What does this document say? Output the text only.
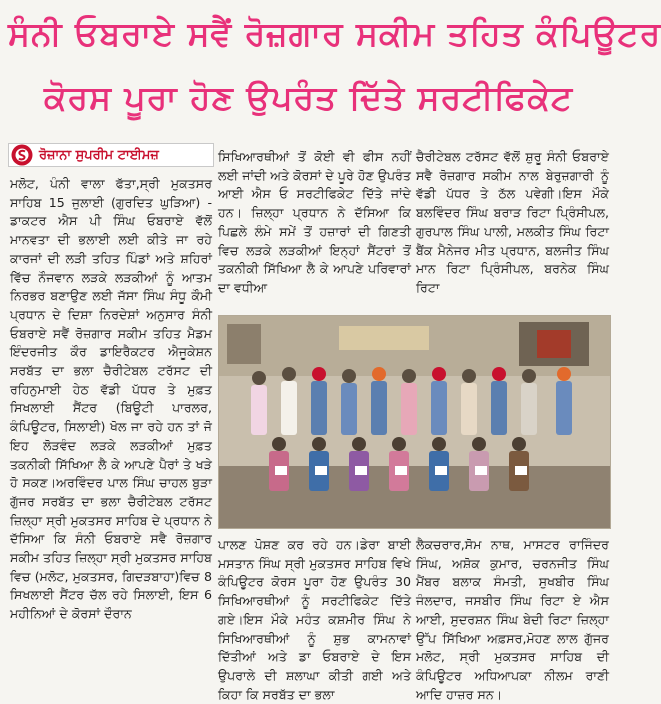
ਸੰਨੀ ਓਬਰਾਏ ਸਵੈਂ ਰੋਜ਼ਗਾਰ ਸਕੀਮ ਤਹਿਤ ਕੰਪਿਊਟਰ
ਕੋਰਸ ਪੂਰਾ ਹੋਣ ਉਪਰੰਤ ਦਿੱਤੇ ਸਰਟੀਫਿਕੇਟ
ਰੋਜ਼ਾਨਾ ਸੁਪਰੀਮ ਟਾਈਮਜ਼
ਮਲੋਟ, ਪੰਨੀ ਵਾਲਾ ਫੱਤਾ,ਸ੍ਰੀ ਮੁਕਤਸਰ ਸਾਹਿਬ 15 ਜੁਲਾਈ (ਗੁਰਦਿਤ ਘੁੜਿਆ) - ਡਾਕਟਰ ਐਸ ਪੀ ਸਿੰਘ ਓਬਰਾਏ ਵੱਲੋਂ ਮਾਨਵਤਾ ਦੀ ਭਲਾਈ ਲਈ ਕੀਤੇ ਜਾ ਰਹੇ ਕਾਰਜਾਂ ਦੀ ਲੜੀ ਤਹਿਤ ਪਿੰਡਾਂ ਅਤੇ ਸ਼ਹਿਰਾਂ ਵਿੱਚ ਨੌਜਵਾਨ ਲੜਕੇ ਲੜਕੀਆਂ ਨੂੰ ਆਤਮ ਨਿਰਭਰ ਬਣਾਉਣ ਲਈ ਜੱਸਾ ਸਿੰਘ ਸੰਧੂ ਕੌਮੀ ਪ੍ਰਧਾਨ ਦੇ ਦਿਸ਼ਾ ਨਿਰਦੇਸ਼ਾਂ ਅਨੁਸਾਰ ਸੰਨੀ ਓਬਰਾਏ ਸਵੈਂ ਰੋਜ਼ਗਾਰ ਸਕੀਮ ਤਹਿਤ ਮੈਡਮ ਇੰਦਰਜੀਤ ਕੌਰ ਡਾਇਰੈਕਟਰ ਐਜੂਕੇਸ਼ਨ ਸਰਬੱਤ ਦਾ ਭਲਾ ਚੈਰੀਟੇਬਲ ਟਰੱਸਟ ਦੀ ਰਹਿਨੁਮਾਈ ਹੇਠ ਵੱਡੀ ਪੱਧਰ ਤੇ ਮੁਫ਼ਤ ਸਿਖਲਾਈ ਸੈਂਟਰ (ਬਿਊਟੀ ਪਾਰਲਰ, ਕੰਪਿਊਟਰ, ਸਿਲਾਈ) ਖੋਲ ਜਾ ਰਹੇ ਹਨ ਤਾਂ ਜੋ ਇਹ ਲੋੜਵੰਦ ਲੜਕੇ ਲੜਕੀਆਂ ਮੁਫ਼ਤ ਤਕਨੀਕੀ ਸਿੱਖਿਆ ਲੈ ਕੇ ਆਪਣੇ ਪੈਰਾਂ ਤੇ ਖੜੇ ਹੋ ਸਕਣ।ਅਰਵਿੰਦਰ ਪਾਲ ਸਿੰਘ ਚਾਹਲ ਬੁੜਾ ਗੁੱਜਰ ਸਰਬੱਤ ਦਾ ਭਲਾ ਚੈਰੀਟੇਬਲ ਟਰੱਸਟ ਜ਼ਿਲ੍ਹਾ ਸ੍ਰੀ ਮੁਕਤਸਰ ਸਾਹਿਬ ਦੇ ਪ੍ਰਧਾਨ ਨੇ ਦੱਸਿਆ ਕਿ ਸੰਨੀ ਓਬਰਾਏ ਸਵੈ ਰੋਜ਼ਗਾਰ ਸਕੀਮ ਤਹਿਤ ਜ਼ਿਲ੍ਹਾ ਸ੍ਰੀ ਮੁਕਤਸਰ ਸਾਹਿਬ ਵਿਚ (ਮਲੋਟ, ਮੁਕਤਸਰ, ਗਿਦੜਬਾਹਾ)ਵਿਚ 8 ਸਿਖਲਾਈ ਸੈਂਟਰ ਚੱਲ ਰਹੇ ਸਿਲਾਈ, ਇਸ 6 ਮਹੀਨਿਆਂ ਦੇ ਕੋਰਸਾਂ ਦੌਰਾਨ
ਸਿਖਿਆਰਥੀਆਂ ਤੋਂ ਕੋਈ ਵੀ ਫੀਸ ਨਹੀਂ ਲਈ ਜਾਂਦੀ ਅਤੇ ਕੋਰਸਾਂ ਦੇ ਪੂਰੇ ਹੋਣ ਉਪਰੰਤ ਆਈ ਐਸ ਓ ਸਰਟੀਫਿਕੇਟ ਦਿੱਤੇ ਜਾਂਦੇ ਹਨ। ਜ਼ਿਲ੍ਹਾ ਪ੍ਰਧਾਨ ਨੇ ਦੱਸਿਆ ਕਿ ਪਿਛਲੇ ਲੰਮੇ ਸਮੇਂ ਤੋਂ ਹਜ਼ਾਰਾਂ ਦੀ ਗਿਣਤੀ ਵਿਚ ਲੜਕੇ ਲੜਕੀਆਂ ਇਨ੍ਹਾਂ ਸੈਂਟਰਾਂ ਤੋਂ ਤਕਨੀਕੀ ਸਿੱਖਿਆ ਲੈ ਕੇ ਆਪਣੇ ਪਰਿਵਾਰਾਂ ਦਾ ਵਧੀਆ
ਚੈਰੀਟੇਬਲ ਟਰੱਸਟ ਵੱਲੋਂ ਸ਼ੁਰੂ ਸੰਨੀ ਓਬਰਾਏ ਸਵੈ ਰੋਜ਼ਗਾਰ ਸਕੀਮ ਨਾਲ ਬੇਰੁਜ਼ਗਾਰੀ ਨੂੰ ਵੱਡੀ ਪੱਧਰ ਤੇ ਠੱਲ ਪਵੇਗੀ।ਇਸ ਮੌਕੇ ਬਲਵਿੰਦਰ ਸਿੰਘ ਬਰਾੜ ਰਿਟਾ ਪ੍ਰਿੰਸੀਪਲ, ਗੁਰਪਾਲ ਸਿੰਘ ਪਾਲੀ, ਮਲਕੀਤ ਸਿੰਘ ਰਿਟਾ ਬੈਂਕ ਮੈਨੇਜਰ ਮੀਤ ਪ੍ਰਧਾਨ, ਬਲਜੀਤ ਸਿੰਘ ਮਾਨ ਰਿਟਾ ਪ੍ਰਿੰਸੀਪਲ, ਬਰਨੇਕ ਸਿੰਘ ਰਿਟਾ
ਪਾਲਣ ਪੋਸ਼ਣ ਕਰ ਰਹੇ ਹਨ।ਡੇਰਾ ਬਾਈ ਮਸਤਾਨ ਸਿੰਘ ਸ੍ਰੀ ਮੁਕਤਸਰ ਸਾਹਿਬ ਵਿਖੇ ਕੰਪਿਊਟਰ ਕੋਰਸ ਪੂਰਾ ਹੋਣ ਉਪਰੰਤ 30 ਸਿਖਿਆਰਥੀਆਂ ਨੂੰ ਸਰਟੀਫਿਕੇਟ ਦਿੱਤੇ ਗਏ।ਇਸ ਮੌਕੇ ਮਹੰਤ ਕਸ਼ਮੀਰ ਸਿੰਘ ਨੇ ਸਿਖਿਆਰਥੀਆਂ ਨੂੰ ਸ਼ੁਭ ਕਾਮਨਾਵਾਂ ਦਿੱਤੀਆਂ ਅਤੇ ਡਾ ਓਬਰਾਏ ਦੇ ਇਸ ਉਪਰਾਲੇ ਦੀ ਸ਼ਲਾਘਾ ਕੀਤੀ ਗਈ ਅਤੇ ਕਿਹਾ ਕਿ ਸਰਬੱਤ ਦਾ ਭਲਾ
ਲੈਕਚਰਾਰ,ਸੋਮ ਨਾਥ, ਮਾਸਟਰ ਰਾਜਿੰਦਰ ਸਿੰਘ, ਅਸ਼ੋਕ ਕੁਮਾਰ, ਚਰਨਜੀਤ ਸਿੰਘ ਮੈਂਬਰ ਬਲਾਕ ਸੰਮਤੀ, ਸੁਖਬੀਰ ਸਿੰਘ ਜੰਲਦਾਰ, ਜਸਬੀਰ ਸਿੰਘ ਰਿਟਾ ਏ ਐਸ ਆਈ, ਸੁਦਰਸ਼ਨ ਸਿੰਘ ਬੇਦੀ ਰਿਟਾ ਜ਼ਿਲ੍ਹਾ ਉੱਪ ਸਿੱਖਿਆ ਅਫ਼ਸਰ,ਮੋਹਣ ਲਾਲ ਗੁੱਜਰ ਮਲੋਟ, ਸ੍ਰੀ ਮੁਕਤਸਰ ਸਾਹਿਬ ਦੀ ਕੰਪਿਊਟਰ ਅਧਿਆਪਕਾ ਨੀਲਮ ਰਾਣੀ ਆਦਿ ਹਾਜ਼ਰ ਸਨ।
